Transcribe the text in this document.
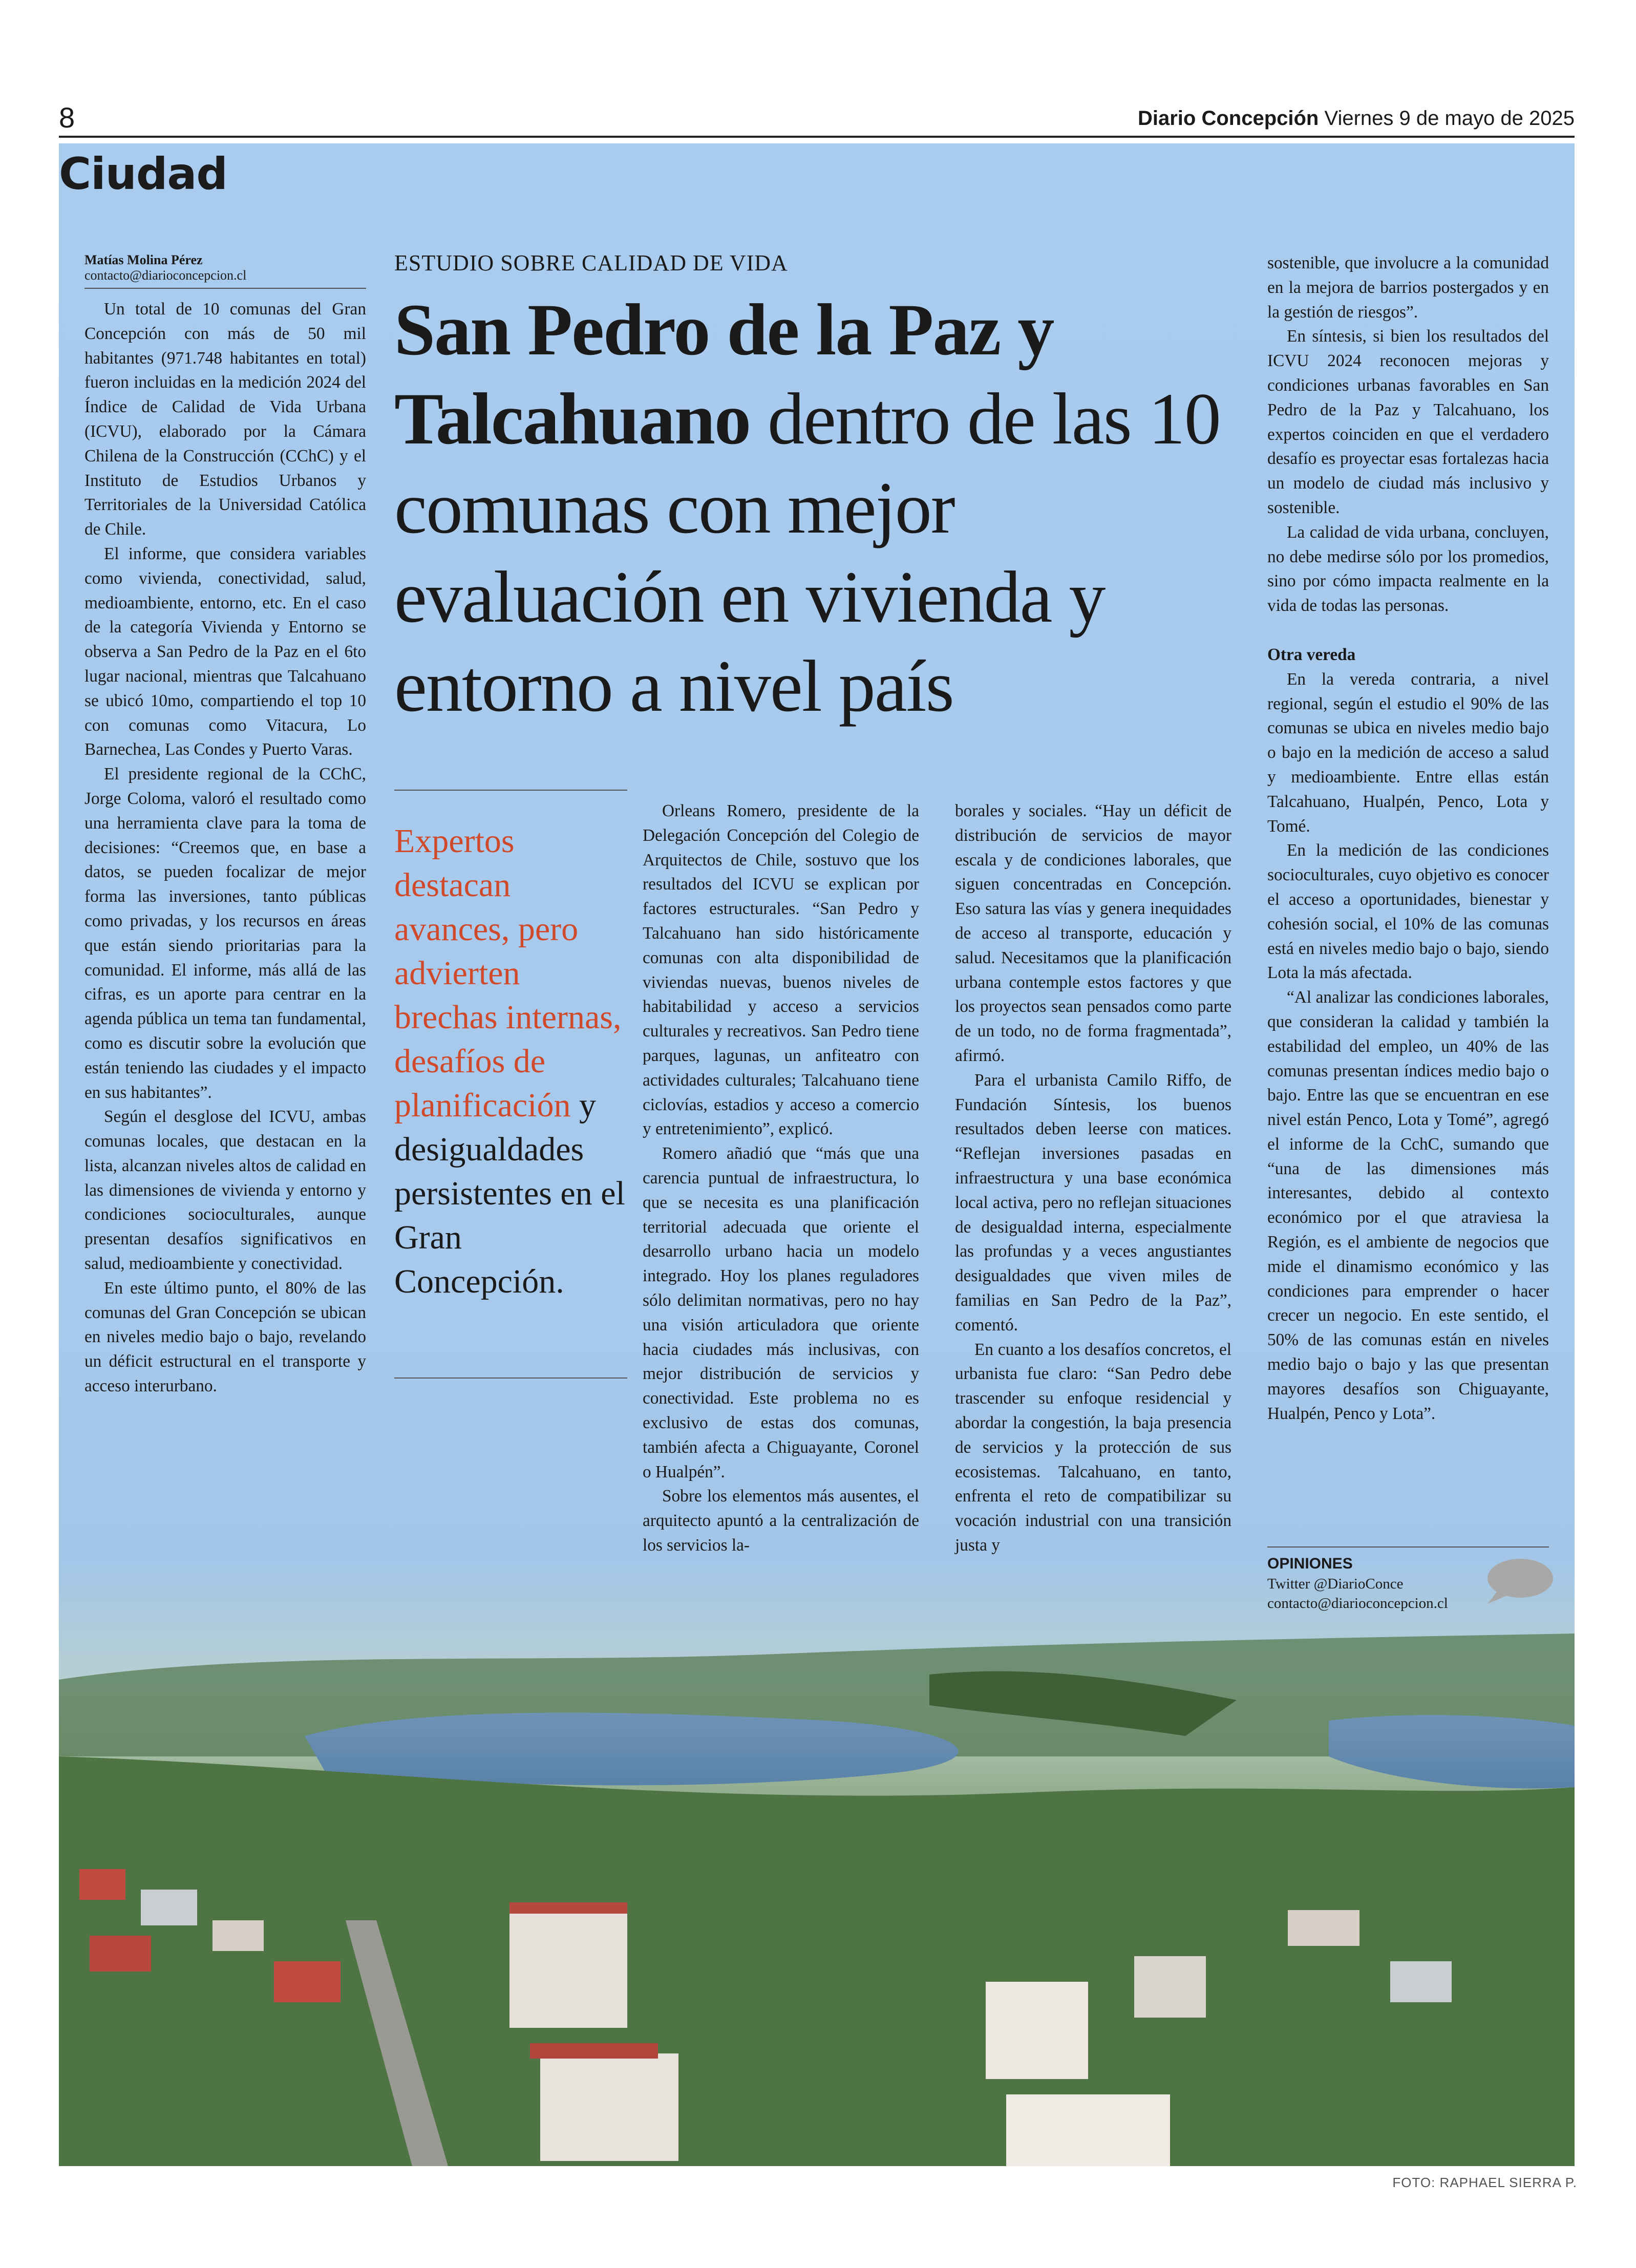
8	Diario Concepción Viernes 9 de mayo de 2025
Ciudad
Matías Molina Pérez
contacto@diarioconcepcion.cl

Un total de 10 comunas del Gran Concepción con más de 50 mil habitantes (971.748 habitantes en total) fueron incluidas en la medición 2024 del Índice de Calidad de Vida Urbana (ICVU), elaborado por la Cámara Chilena de la Construcción (CChC) y el Instituto de Estudios Urbanos y Territoriales de la Universidad Católica de Chile.

El informe, que considera variables como vivienda, conectividad, salud, medioambiente, entorno, etc. En el caso de la categoría Vivienda y Entorno se observa a San Pedro de la Paz en el 6to lugar nacional, mientras que Talcahuano se ubicó 10mo, compartiendo el top 10 con comunas como Vitacura, Lo Barnechea, Las Condes y Puerto Varas.

El presidente regional de la CChC, Jorge Coloma, valoró el resultado como una herramienta clave para la toma de decisiones: “Creemos que, en base a datos, se pueden focalizar de mejor forma las inversiones, tanto públicas como privadas, y los recursos en áreas que están siendo prioritarias para la comunidad. El informe, más allá de las cifras, es un aporte para centrar en la agenda pública un tema tan fundamental, como es discutir sobre la evolución que están teniendo las ciudades y el impacto en sus habitantes”.

Según el desglose del ICVU, ambas comunas locales, que destacan en la lista, alcanzan niveles altos de calidad en las dimensiones de vivienda y entorno y condiciones socioculturales, aunque presentan desafíos significativos en salud, medioambiente y conectividad.

En este último punto, el 80% de las comunas del Gran Concepción se ubican en niveles medio bajo o bajo, revelando un déficit estructural en el transporte y acceso interurbano.

ESTUDIO SOBRE CALIDAD DE VIDA
San Pedro de la Paz y Talcahuano dentro de las 10 comunas con mejor evaluación en vivienda y entorno a nivel país

Expertos destacan avances, pero advierten brechas internas, desafíos de planificación y desigualdades persistentes en el Gran Concepción.

Orleans Romero, presidente de la Delegación Concepción del Colegio de Arquitectos de Chile, sostuvo que los resultados del ICVU se explican por factores estructurales. “San Pedro y Talcahuano han sido históricamente comunas con alta disponibilidad de viviendas nuevas, buenos niveles de habitabilidad y acceso a servicios culturales y recreativos. San Pedro tiene parques, lagunas, un anfiteatro con actividades culturales; Talcahuano tiene ciclovías, estadios y acceso a comercio y entretenimiento”, explicó.

Romero añadió que “más que una carencia puntual de infraestructura, lo que se necesita es una planificación territorial adecuada que oriente el desarrollo urbano hacia un modelo integrado. Hoy los planes reguladores sólo delimitan normativas, pero no hay una visión articuladora que oriente hacia ciudades más inclusivas, con mejor distribución de servicios y conectividad. Este problema no es exclusivo de estas dos comunas, también afecta a Chiguayante, Coronel o Hualpén”.

Sobre los elementos más ausentes, el arquitecto apuntó a la centralización de los servicios la-

borales y sociales. “Hay un déficit de distribución de servicios de mayor escala y de condiciones laborales, que siguen concentradas en Concepción. Eso satura las vías y genera inequidades de acceso al transporte, educación y salud. Necesitamos que la planificación urbana contemple estos factores y que los proyectos sean pensados como parte de un todo, no de forma fragmentada”, afirmó.

Para el urbanista Camilo Riffo, de Fundación Síntesis, los buenos resultados deben leerse con matices. “Reflejan inversiones pasadas en infraestructura y una base económica local activa, pero no reflejan situaciones de desigualdad interna, especialmente las profundas y a veces angustiantes desigualdades que viven miles de familias en San Pedro de la Paz”, comentó.

En cuanto a los desafíos concretos, el urbanista fue claro: “San Pedro debe trascender su enfoque residencial y abordar la congestión, la baja presencia de servicios y la protección de sus ecosistemas. Talcahuano, en tanto, enfrenta el reto de compatibilizar su vocación industrial con una transición justa y

sostenible, que involucre a la comunidad en la mejora de barrios postergados y en la gestión de riesgos”.

En síntesis, si bien los resultados del ICVU 2024 reconocen mejoras y condiciones urbanas favorables en San Pedro de la Paz y Talcahuano, los expertos coinciden en que el verdadero desafío es proyectar esas fortalezas hacia un modelo de ciudad más inclusivo y sostenible.

La calidad de vida urbana, concluyen, no debe medirse sólo por los promedios, sino por cómo impacta realmente en la vida de todas las personas.

Otra vereda

En la vereda contraria, a nivel regional, según el estudio el 90% de las comunas se ubica en niveles medio bajo o bajo en la medición de acceso a salud y medioambiente. Entre ellas están Talcahuano, Hualpén, Penco, Lota y Tomé.

En la medición de las condiciones socioculturales, cuyo objetivo es conocer el acceso a oportunidades, bienestar y cohesión social, el 10% de las comunas está en niveles medio bajo o bajo, siendo Lota la más afectada.

“Al analizar las condiciones laborales, que consideran la calidad y también la estabilidad del empleo, un 40% de las comunas presentan índices medio bajo o bajo. Entre las que se encuentran en ese nivel están Penco, Lota y Tomé”, agregó el informe de la CchC, sumando que “una de las dimensiones más interesantes, debido al contexto económico por el que atraviesa la Región, es el ambiente de negocios que mide el dinamismo económico y las condiciones para emprender o hacer crecer un negocio. En este sentido, el 50% de las comunas están en niveles medio bajo o bajo y las que presentan mayores desafíos son Chiguayante, Hualpén, Penco y Lota”.

OPINIONES
Twitter @DiarioConce
contacto@diarioconcepcion.cl
FOTO: RAPHAEL SIERRA P.
